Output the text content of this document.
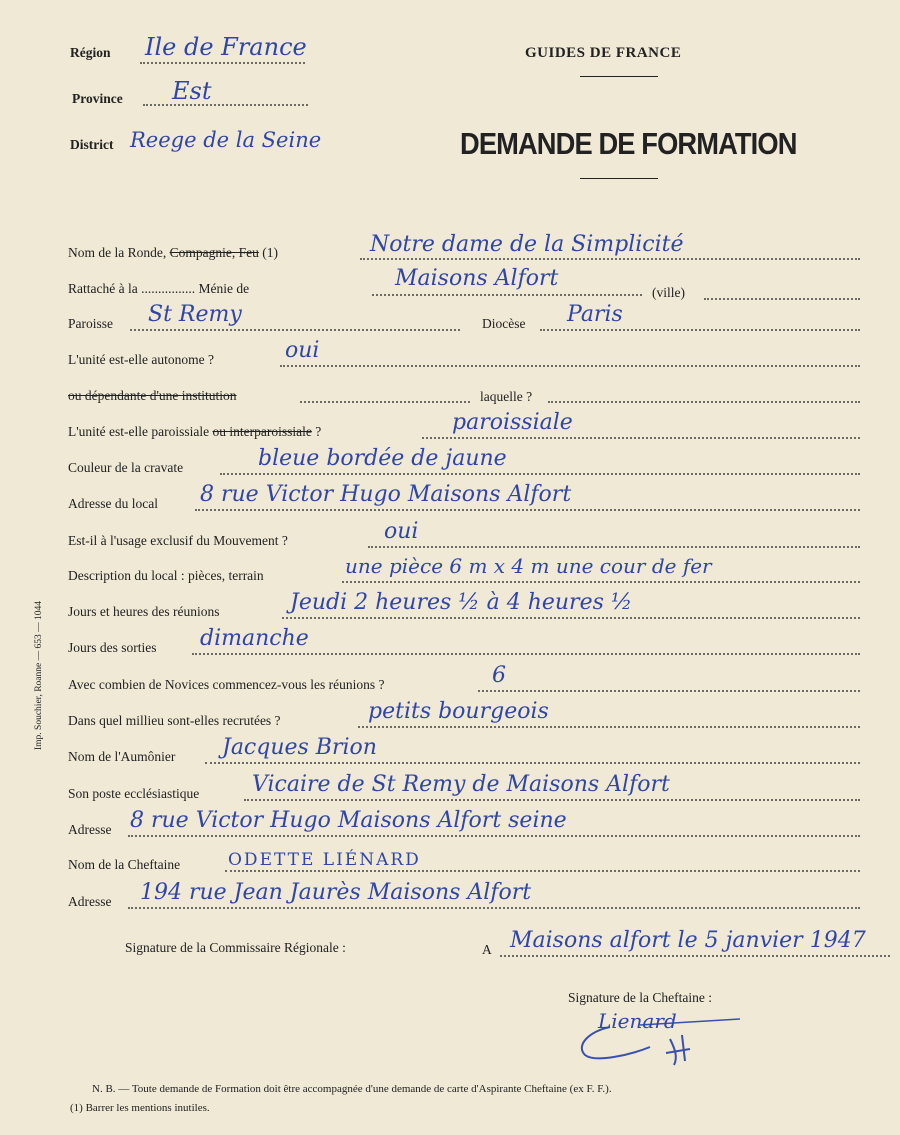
Région Ile de France
Province Est
District Reege de la Seine
GUIDES DE FRANCE
DEMANDE DE FORMATION
Nom de la Ronde, Compagnie, Feu (1)	Notre dame de la Simplicité
Rattaché à la ................ Ménie de	Maisons Alfort
(ville)
Paroisse St Remy	Diocèse Paris
L'unité est-elle autonome ?	oui
ou dépendante d'une institution	laquelle ?
L'unité est-elle paroissiale ou interparoissiale ?	paroissiale
Couleur de la cravate	bleue bordée de jaune
Adresse du local 8 rue Victor Hugo Maisons Alfort
Est-il à l'usage exclusif du Mouvement ?	oui
Description du local : pièces, terrain	une pièce 6 m x 4 m une cour de fer
Jours et heures des réunions	Jeudi 2 heures ½ à 4 heures ½
Jours des sorties dimanche
Avec combien de Novices commencez-vous les réunions ?	6
Dans quel millieu sont-elles recrutées ?	petits bourgeois
Nom de l'Aumônier Jacques Brion
Son poste ecclésiastique Vicaire de St Remy de Maisons Alfort
Adresse 8 rue Victor Hugo Maisons Alfort seine
Nom de la Cheftaine	ODETTE LIÉNARD
Adresse 194 rue Jean Jaurès Maisons Alfort
Signature de la Commissaire Régionale :	A Maisons alfort le 5 janvier 1947
Signature de la Cheftaine :
Lienard
N. B. — Toute demande de Formation doit être accompagnée d'une demande de carte d'Aspirante Cheftaine (ex F. F.).
(1) Barrer les mentions inutiles.
Imp. Souchier, Roanne — 653 — 1044
